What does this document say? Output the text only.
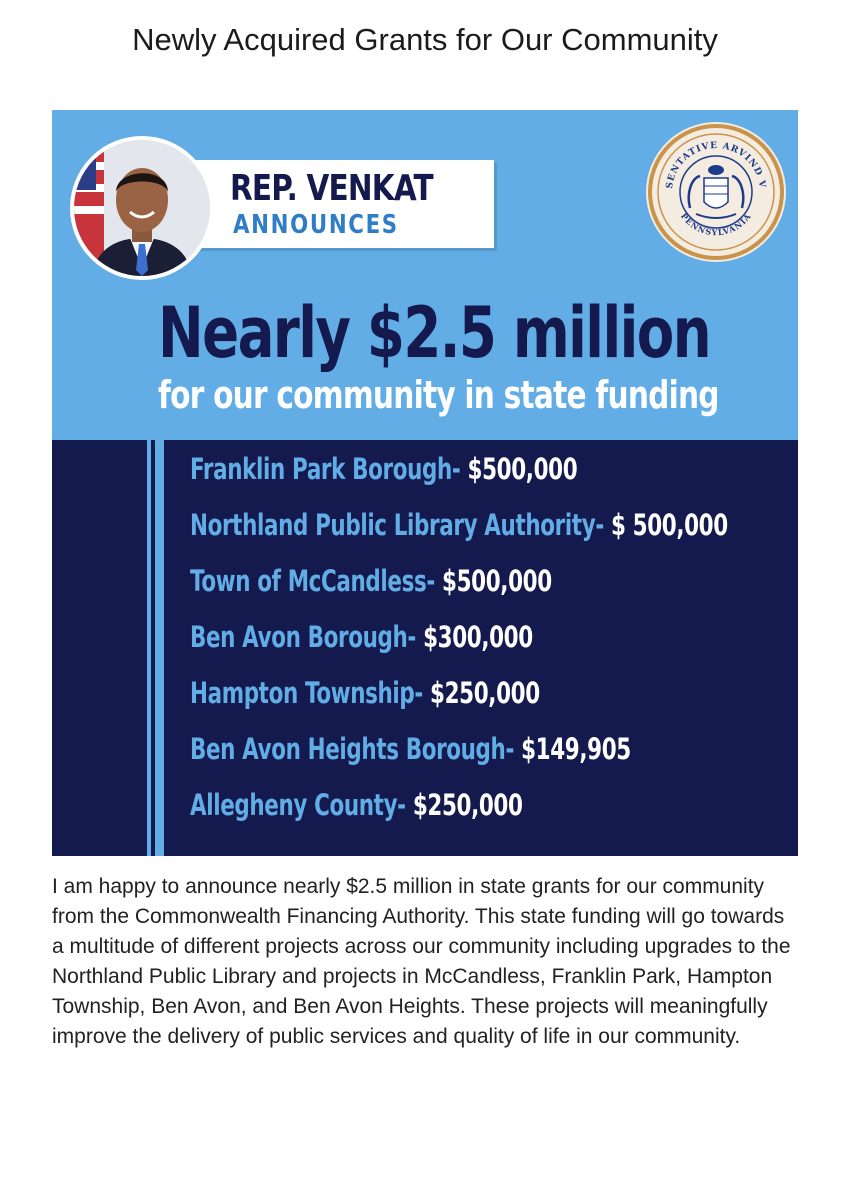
Newly Acquired Grants for Our Community
REP. VENKAT
ANNOUNCES
SENTATIVE ARVIND V
PENNSYLVANIA
Nearly $2.5 million
for our community in state funding
Franklin Park Borough- $500,000
Northland Public Library Authority- $ 500,000
Town of McCandless- $500,000
Ben Avon Borough- $300,000
Hampton Township- $250,000
Ben Avon Heights Borough- $149,905
Allegheny County- $250,000
I am happy to announce nearly $2.5 million in state grants for our community from the Commonwealth Financing Authority. This state funding will go towards a multitude of different projects across our community including upgrades to the Northland Public Library and projects in McCandless, Franklin Park, Hampton Township, Ben Avon, and Ben Avon Heights. These projects will meaningfully improve the delivery of public services and quality of life in our community.
